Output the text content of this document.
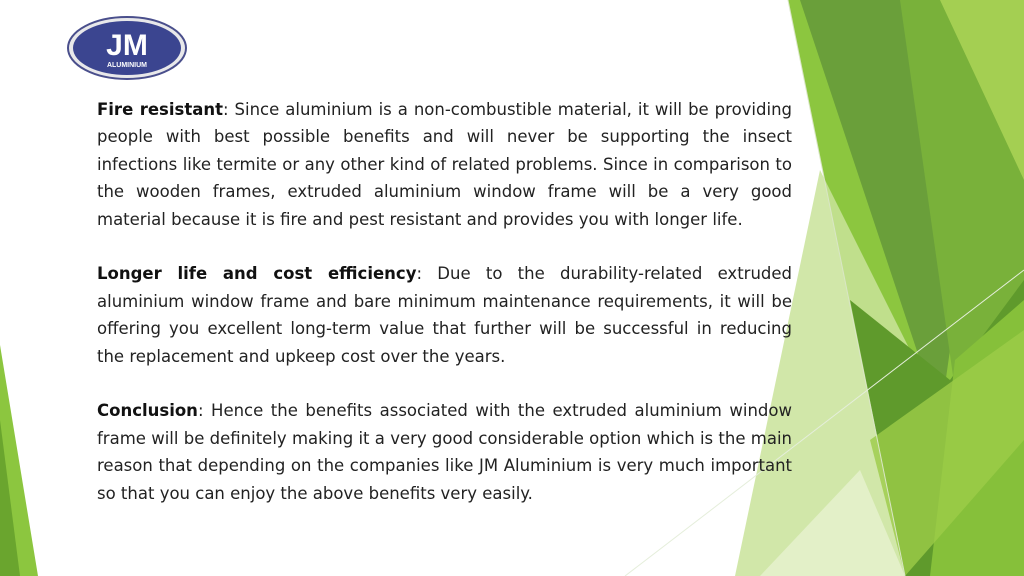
JM
ALUMINIUM

Fire resistant: Since aluminium is a non-combustible material, it will be providing people with best possible benefits and will never be supporting the insect infections like termite or any other kind of related problems. Since in comparison to the wooden frames, extruded aluminium window frame will be a very good material because it is fire and pest resistant and provides you with longer life.

Longer life and cost efficiency: Due to the durability-related extruded aluminium window frame and bare minimum maintenance requirements, it will be offering you excellent long-term value that further will be successful in reducing the replacement and upkeep cost over the years.

Conclusion: Hence the benefits associated with the extruded aluminium window frame will be definitely making it a very good considerable option which is the main reason that depending on the companies like JM Aluminium is very much important so that you can enjoy the above benefits very easily.
